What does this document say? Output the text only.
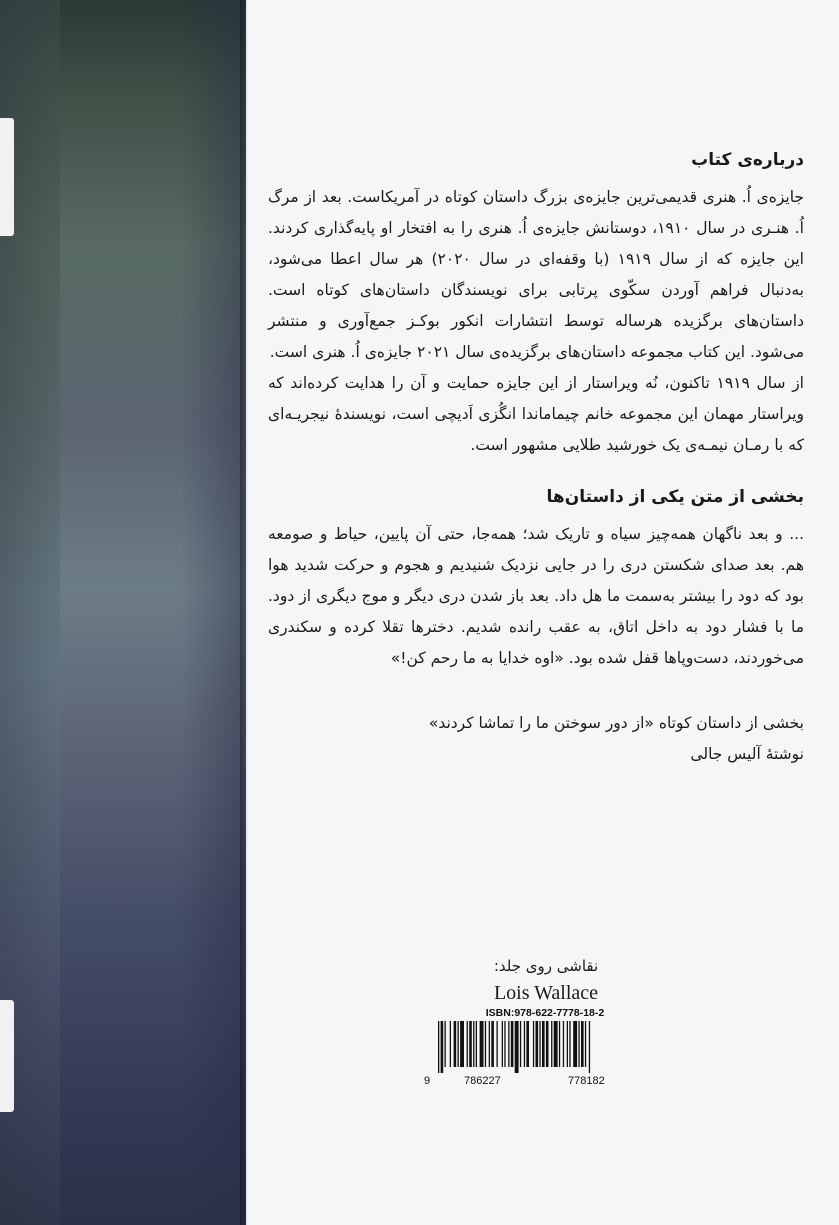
درباره‌ی کتاب

جایزه‌ی اُ. هنری قدیمی‌ترین جایزه‌ی بزرگ داستان کوتاه در آمریکاست. بعد از مرگ اُ. هنـری در سال ۱۹۱۰، دوستانش جایزه‌ی اُ. هنری را به افتخار او پایه‌گذاری کردند. این جایزه که از سال ۱۹۱۹ (با وقفه‌ای در سال ۲۰۲۰) هر سال اعطا می‌شود، به‌دنبال فراهم آوردن سکّوی پرتابی برای نویسندگان داستان‌های کوتاه است. داستان‌های برگزیده هرساله توسط انتشارات انکور بوکـز جمع‌آوری و منتشر می‌شود. این کتاب مجموعه داستان‌های برگزیده‌ی سال ۲۰۲۱ جایزه‌ی اُ. هنری است.

از سال ۱۹۱۹ تاکنون، نُه ویراستار از این جایزه حمایت و آن را هدایت کرده‌اند که ویراستار مهمان این مجموعه خانم چیماماندا انگُزی اَدیچی است، نویسندهٔ نیجریـه‌ای که با رمـان نیمـه‌ی یک خورشید طلایی مشهور است.

بخشی از متن یکی از داستان‌ها

... و بعد ناگهان همه‌چیز سیاه و تاریک شد؛ همه‌جا، حتی آن پایین، حیاط و صومعه هم. بعد صدای شکستن دری را در جایی نزدیک شنیدیم و هجوم و حرکت شدید هوا بود که دود را بیشتر به‌سمت ما هل داد. بعد باز شدن دری دیگر و موج دیگری از دود. ما با فشار دود به داخل اتاق، به عقب رانده شدیم. دخترها تقلا کرده و سکندری می‌خوردند، دست‌وپاها قفل شده بود. «اوه خدایا به ما رحم کن!»

بخشی از داستان کوتاه «از دور سوختن ما را تماشا کردند»

نوشتهٔ آلیس جالی

نقاشی روی جلد:
Lois Wallace
ISBN:978-622-7778-18-2
9	786227	778182
